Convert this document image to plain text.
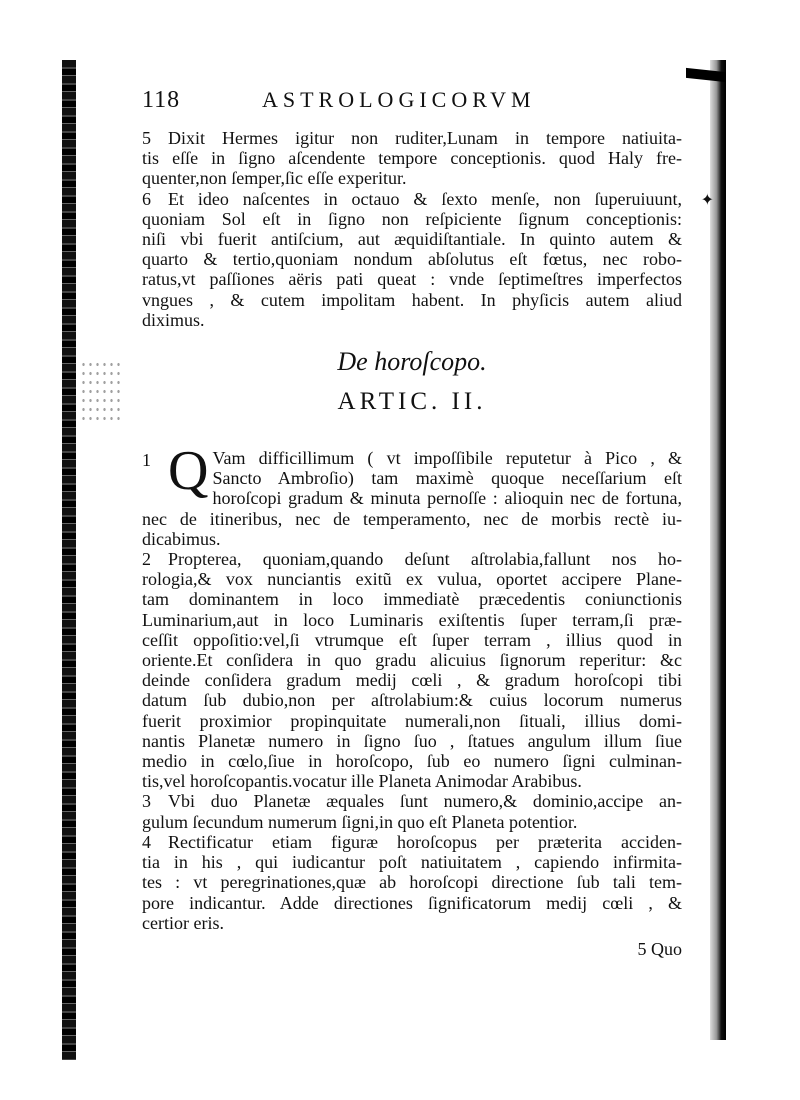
✦
118	ASTROLOGICORVM
5 Dixit Hermes igitur non ruditer,Lunam in tempore natiuita-
tis eſſe in ſigno aſcendente tempore conceptionis. quod Haly fre-
quenter,non ſemper,ſic eſſe experitur.
6 Et ideo naſcentes in octauo & ſexto menſe, non ſuperuiuunt,
quoniam Sol eſt in ſigno non reſpiciente ſignum conceptionis:
niſi vbi fuerit antiſcium, aut æquidiſtantiale. In quinto autem &
quarto & tertio,quoniam nondum abſolutus eſt fœtus, nec robo-
ratus,vt paſſiones aëris pati queat : vnde ſeptimeſtres imperfectos
vngues , & cutem impolitam habent. In phyſicis autem aliud
diximus.
De horoſcopo.
ARTIC. II.
1 Q Vam difficillimum ( vt impoſſibile reputetur à Pico , &
Sancto Ambroſio) tam maximè quoque neceſſarium eſt
horoſcopi gradum & minuta pernoſſe : alioquin nec de fortuna,
nec de itineribus, nec de temperamento, nec de morbis rectè iu-
dicabimus.
2 Propterea, quoniam,quando deſunt aſtrolabia,fallunt nos ho-
rologia,& vox nunciantis exitũ ex vulua, oportet accipere Plane-
tam dominantem in loco immediatè præcedentis coniunctionis
Luminarium,aut in loco Luminaris exiſtentis ſuper terram,ſi præ-
ceſſit oppoſitio:vel,ſi vtrumque eſt ſuper terram , illius quod in
oriente.Et conſidera in quo gradu alicuius ſignorum reperitur: &c
deinde conſidera gradum medij cœli , & gradum horoſcopi tibi
datum ſub dubio,non per aſtrolabium:& cuius locorum numerus
fuerit proximior propinquitate numerali,non ſituali, illius domi-
nantis Planetæ numero in ſigno ſuo , ſtatues angulum illum ſiue
medio in cœlo,ſiue in horoſcopo, ſub eo numero ſigni culminan-
tis,vel horoſcopantis.vocatur ille Planeta Animodar Arabibus.
3 Vbi duo Planetæ æquales ſunt numero,& dominio,accipe an-
gulum ſecundum numerum ſigni,in quo eſt Planeta potentior.
4 Rectificatur etiam figuræ horoſcopus per præterita acciden-
tia in his , qui iudicantur poſt natiuitatem , capiendo infirmita-
tes : vt peregrinationes,quæ ab horoſcopi directione ſub tali tem-
pore indicantur. Adde directiones ſignificatorum medij cœli , &
certior eris.
5 Quo
